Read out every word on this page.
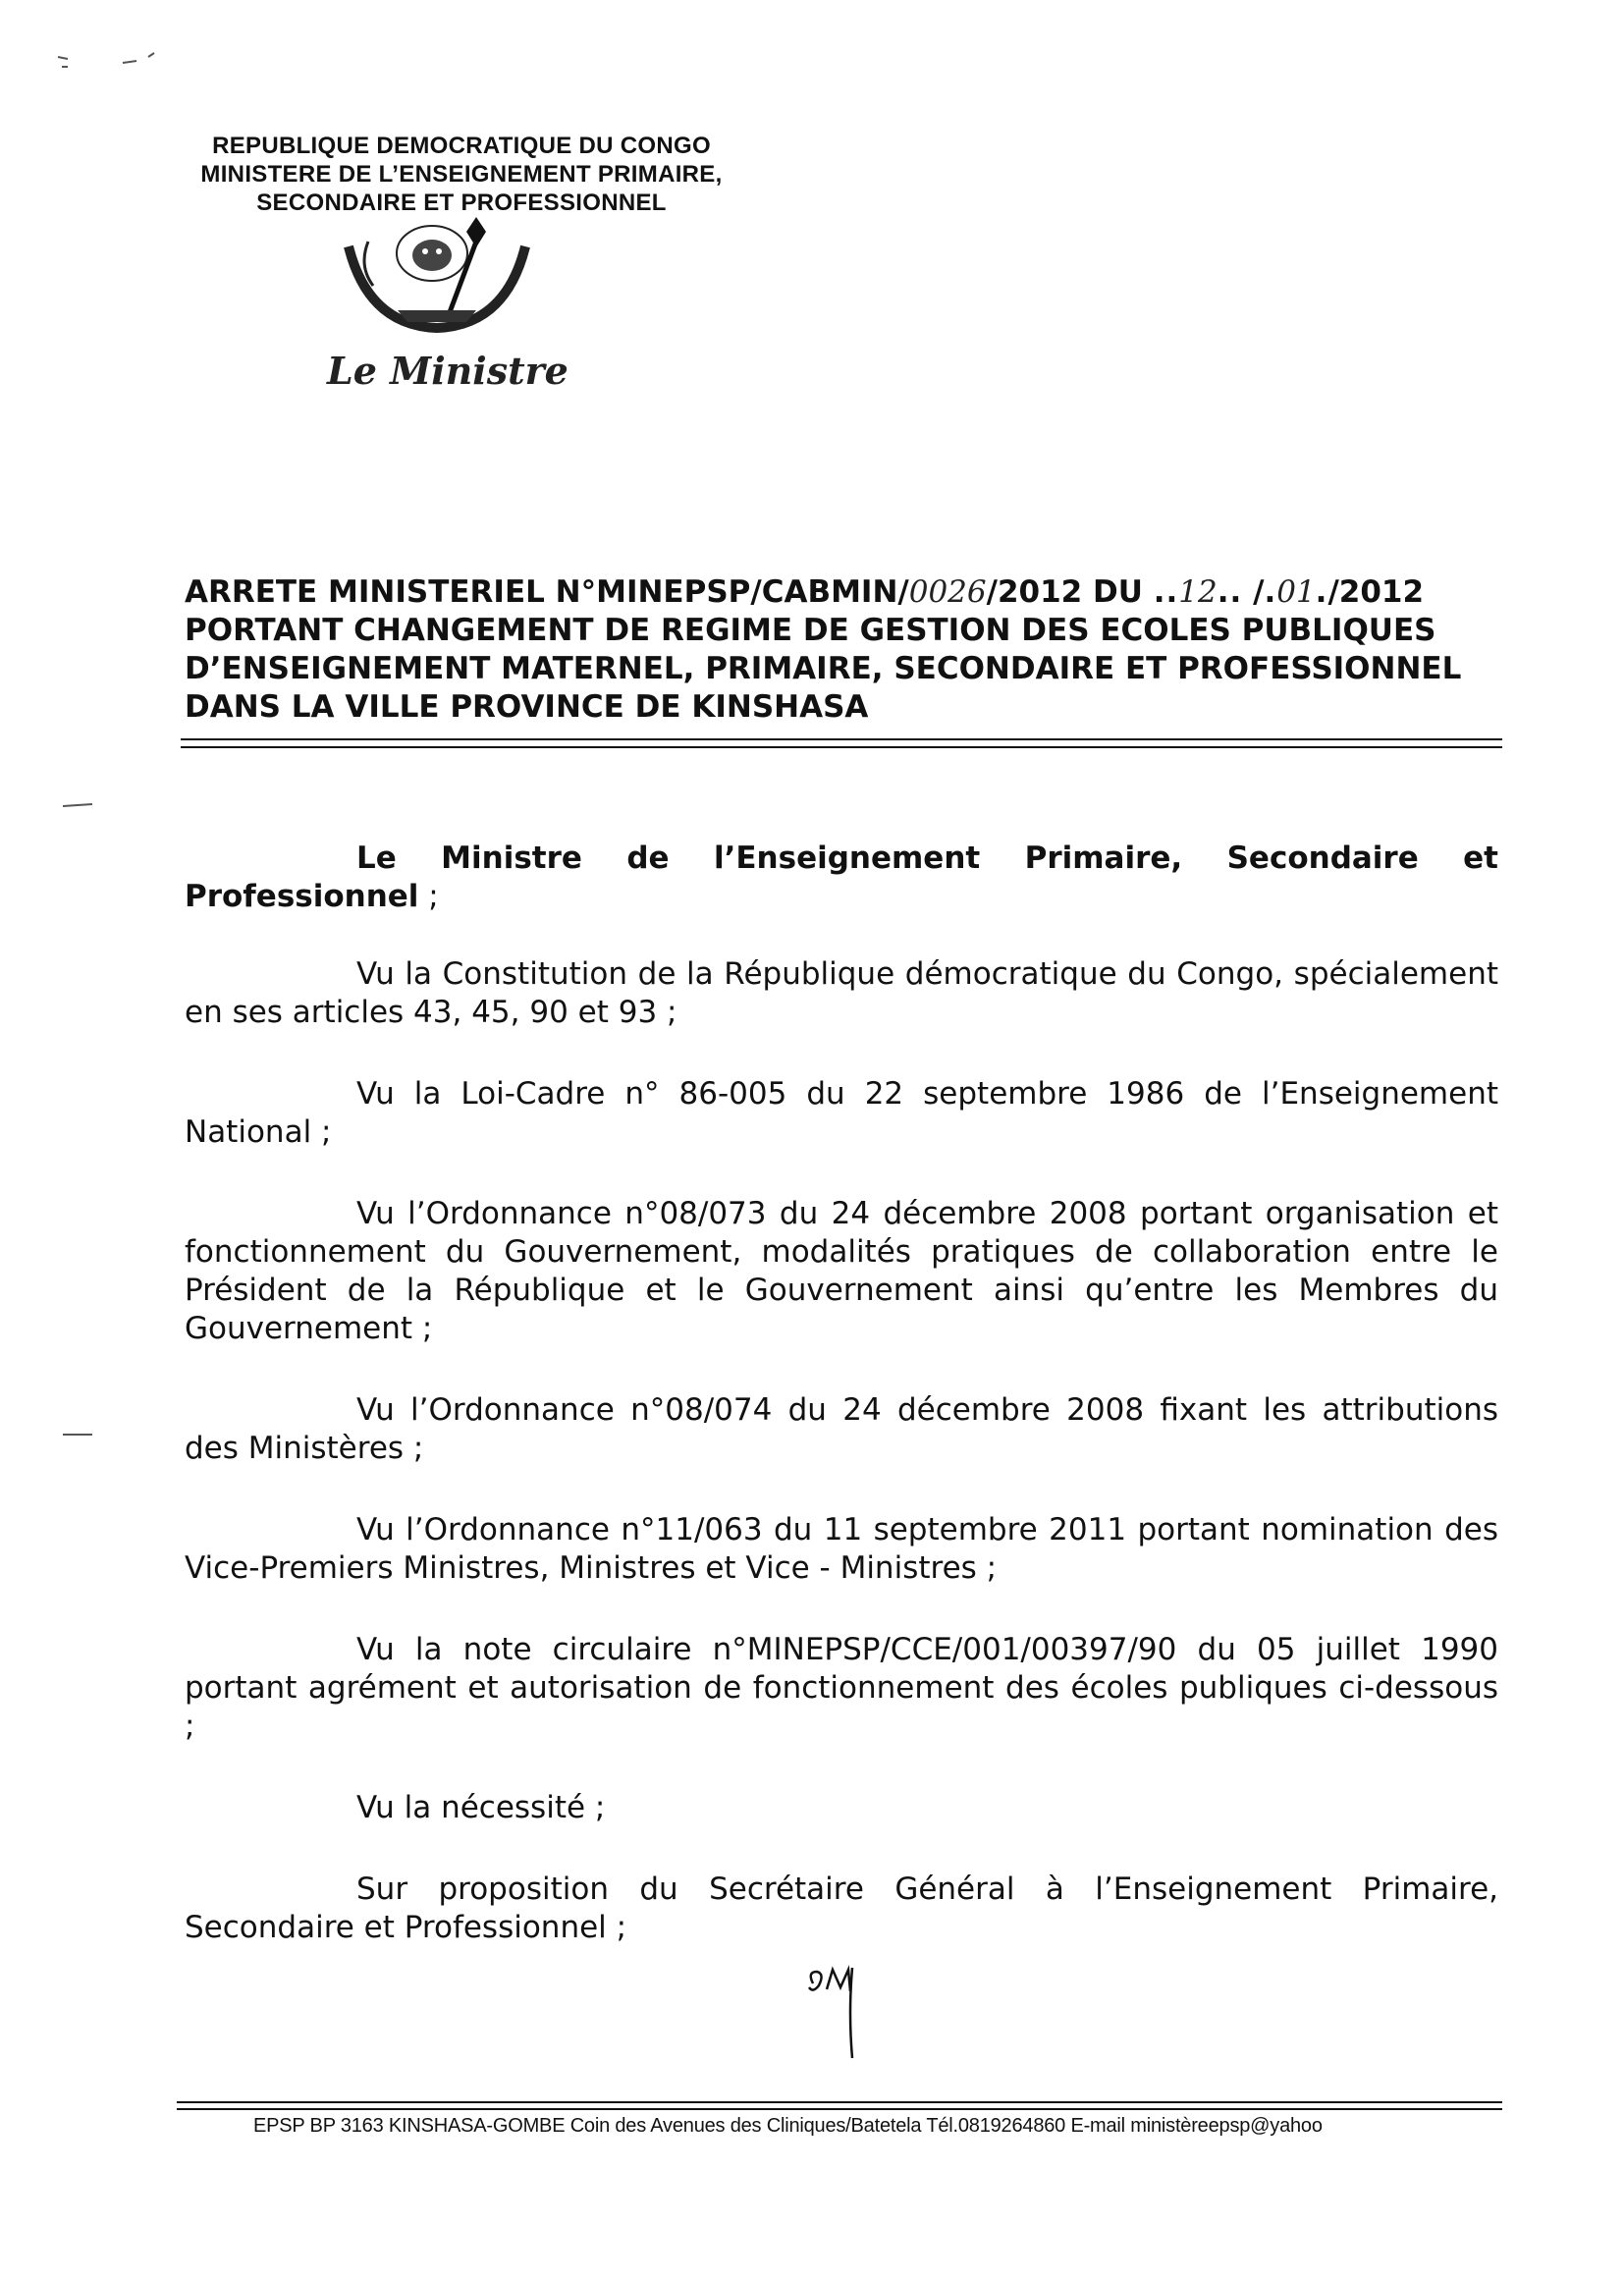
REPUBLIQUE DEMOCRATIQUE DU CONGO
MINISTERE DE L’ENSEIGNEMENT PRIMAIRE,
SECONDAIRE ET PROFESSIONNEL
Le Ministre
ARRETE MINISTERIEL N°MINEPSP/CABMIN/0026/2012 DU ..12.. /.01./2012
PORTANT CHANGEMENT DE REGIME DE GESTION DES ECOLES PUBLIQUES
D’ENSEIGNEMENT MATERNEL, PRIMAIRE, SECONDAIRE ET PROFESSIONNEL
DANS LA VILLE PROVINCE DE KINSHASA

Le Ministre de l’Enseignement Primaire, Secondaire et Professionnel ;

Vu la Constitution de la République démocratique du Congo, spécialement en ses articles 43, 45, 90 et 93 ;

Vu la Loi-Cadre n° 86-005 du 22 septembre 1986 de l’Enseignement National ;

Vu l’Ordonnance n°08/073 du 24 décembre 2008 portant organisation et fonctionnement du Gouvernement, modalités pratiques de collaboration entre le Président de la République et le Gouvernement ainsi qu’entre les Membres du Gouvernement ;

Vu l’Ordonnance n°08/074 du 24 décembre 2008 fixant les attributions des Ministères ;

Vu l’Ordonnance n°11/063 du 11 septembre 2011 portant nomination des Vice-Premiers Ministres, Ministres et Vice - Ministres ;

Vu la note circulaire n°MINEPSP/CCE/001/00397/90 du 05 juillet 1990 portant agrément et autorisation de fonctionnement des écoles publiques ci-dessous ;

Vu la nécessité ;

Sur proposition du Secrétaire Général à l’Enseignement Primaire, Secondaire et Professionnel ;

EPSP BP 3163 KINSHASA-GOMBE Coin des Avenues des Cliniques/Batetela Tél.0819264860 E-mail ministèreepsp@yahoo
